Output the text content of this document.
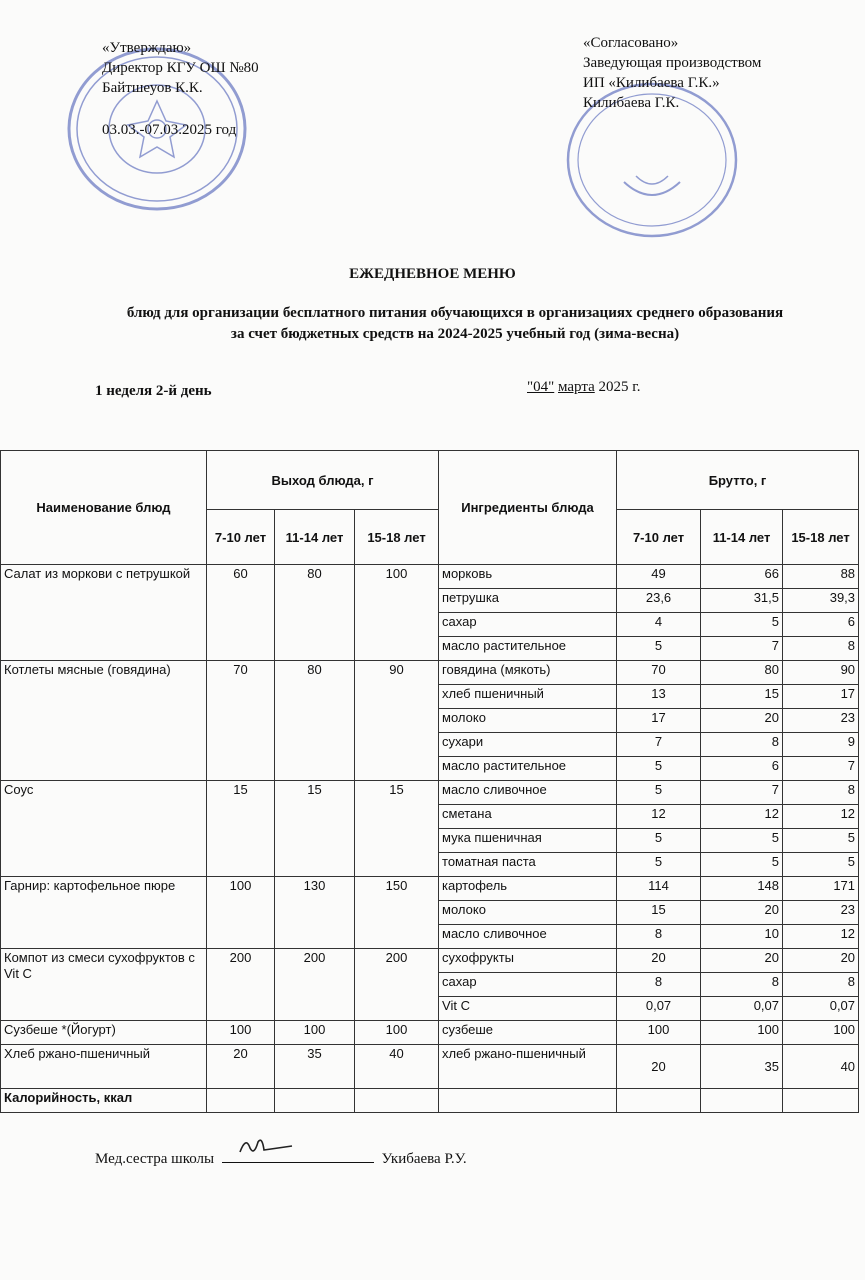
«Утверждаю»
Директор КГУ ОШ №80
Байтшеуов К.К.
03.03.-07.03.2025 год
«Согласовано»
Заведующая производством
ИП «Килибаева Г.К.»
Килибаева Г.К.
ЕЖЕДНЕВНОЕ МЕНЮ
блюд для организации бесплатного питания обучающихся в организациях среднего образования за счет бюджетных средств на 2024-2025 учебный год (зима-весна)
1 неделя 2-й день	"04" марта 2025 г.
Наименование блюд	Выход блюда, г			Ингредиенты блюда	Брутто, г		
	7-10 лет	11-14 лет	15-18 лет		7-10 лет	11-14 лет	15-18 лет
Салат из моркови с петрушкой	60	80	100	морковь	49	66	88
				петрушка	23,6	31,5	39,3
				сахар	4	5	6
				масло растительное	5	7	8
Котлеты мясные (говядина)	70	80	90	говядина (мякоть)	70	80	90
				хлеб пшеничный	13	15	17
				молоко	17	20	23
				сухари	7	8	9
				масло растительное	5	6	7
Соус	15	15	15	масло сливочное	5	7	8
				сметана	12	12	12
				мука пшеничная	5	5	5
				томатная паста	5	5	5
Гарнир: картофельное пюре	100	130	150	картофель	114	148	171
				молоко	15	20	23
				масло сливочное	8	10	12
Компот из смеси сухофруктов с Vit C	200	200	200	сухофрукты	20	20	20
				сахар	8	8	8
				Vit C	0,07	0,07	0,07
Сузбеше *(Йогурт)	100	100	100	сузбеше	100	100	100
Хлеб ржано-пшеничный	20	35	40	хлеб ржано-пшеничный	20	35	40
Калорийность, ккал							
Мед.сестра школы	Укибаева Р.У.
